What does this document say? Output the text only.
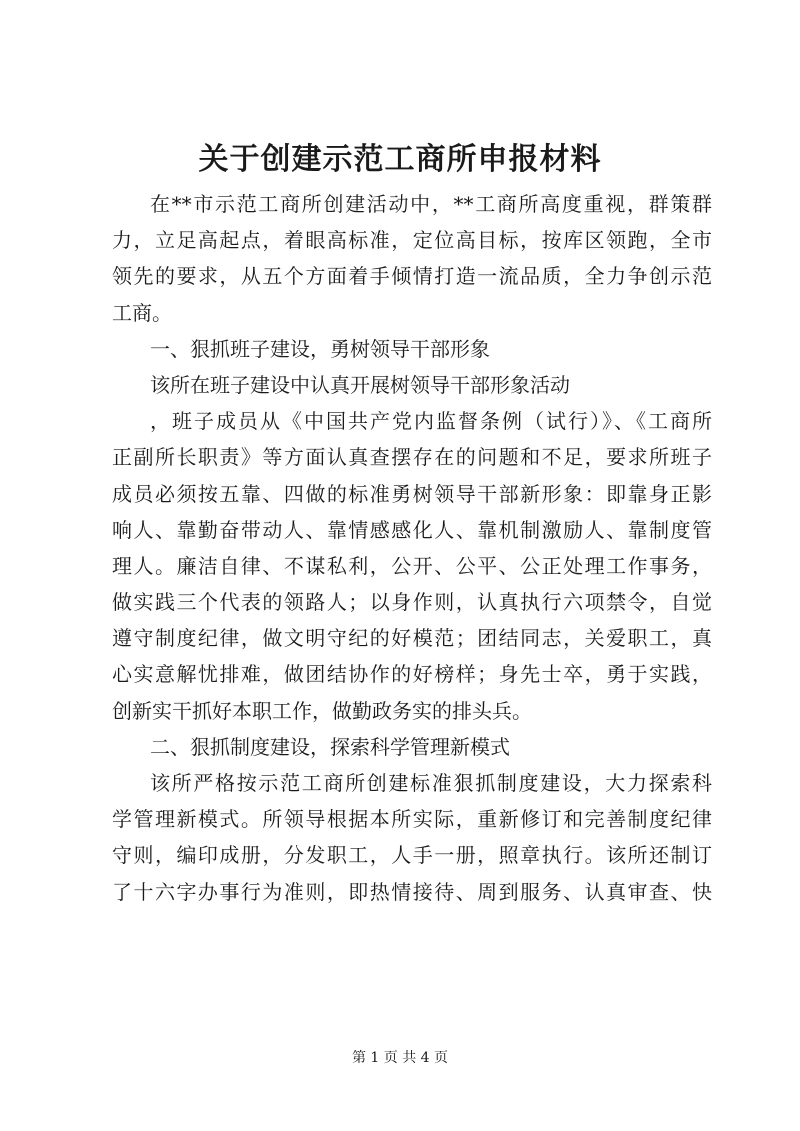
关于创建示范工商所申报材料
在**市示范工商所创建活动中，**工商所高度重视，群策群
力，立足高起点，着眼高标准，定位高目标，按库区领跑，全市
领先的要求，从五个方面着手倾情打造一流品质，全力争创示范
工商。
一、狠抓班子建设，勇树领导干部形象
该所在班子建设中认真开展树领导干部形象活动
，班子成员从《中国共产党内监督条例（试行）》、《工商所
正副所长职责》等方面认真查摆存在的问题和不足，要求所班子
成员必须按五靠、四做的标准勇树领导干部新形象：即靠身正影
响人、靠勤奋带动人、靠情感感化人、靠机制激励人、靠制度管
理人。廉洁自律、不谋私利，公开、公平、公正处理工作事务，
做实践三个代表的领路人；以身作则，认真执行六项禁令，自觉
遵守制度纪律，做文明守纪的好模范；团结同志，关爱职工，真
心实意解忧排难，做团结协作的好榜样；身先士卒，勇于实践，
创新实干抓好本职工作，做勤政务实的排头兵。
二、狠抓制度建设，探索科学管理新模式
该所严格按示范工商所创建标准狠抓制度建设，大力探索科
学管理新模式。所领导根据本所实际，重新修订和完善制度纪律
守则，编印成册，分发职工，人手一册，照章执行。该所还制订
了十六字办事行为准则，即热情接待、周到服务、认真审查、快
第 1 页 共 4 页
